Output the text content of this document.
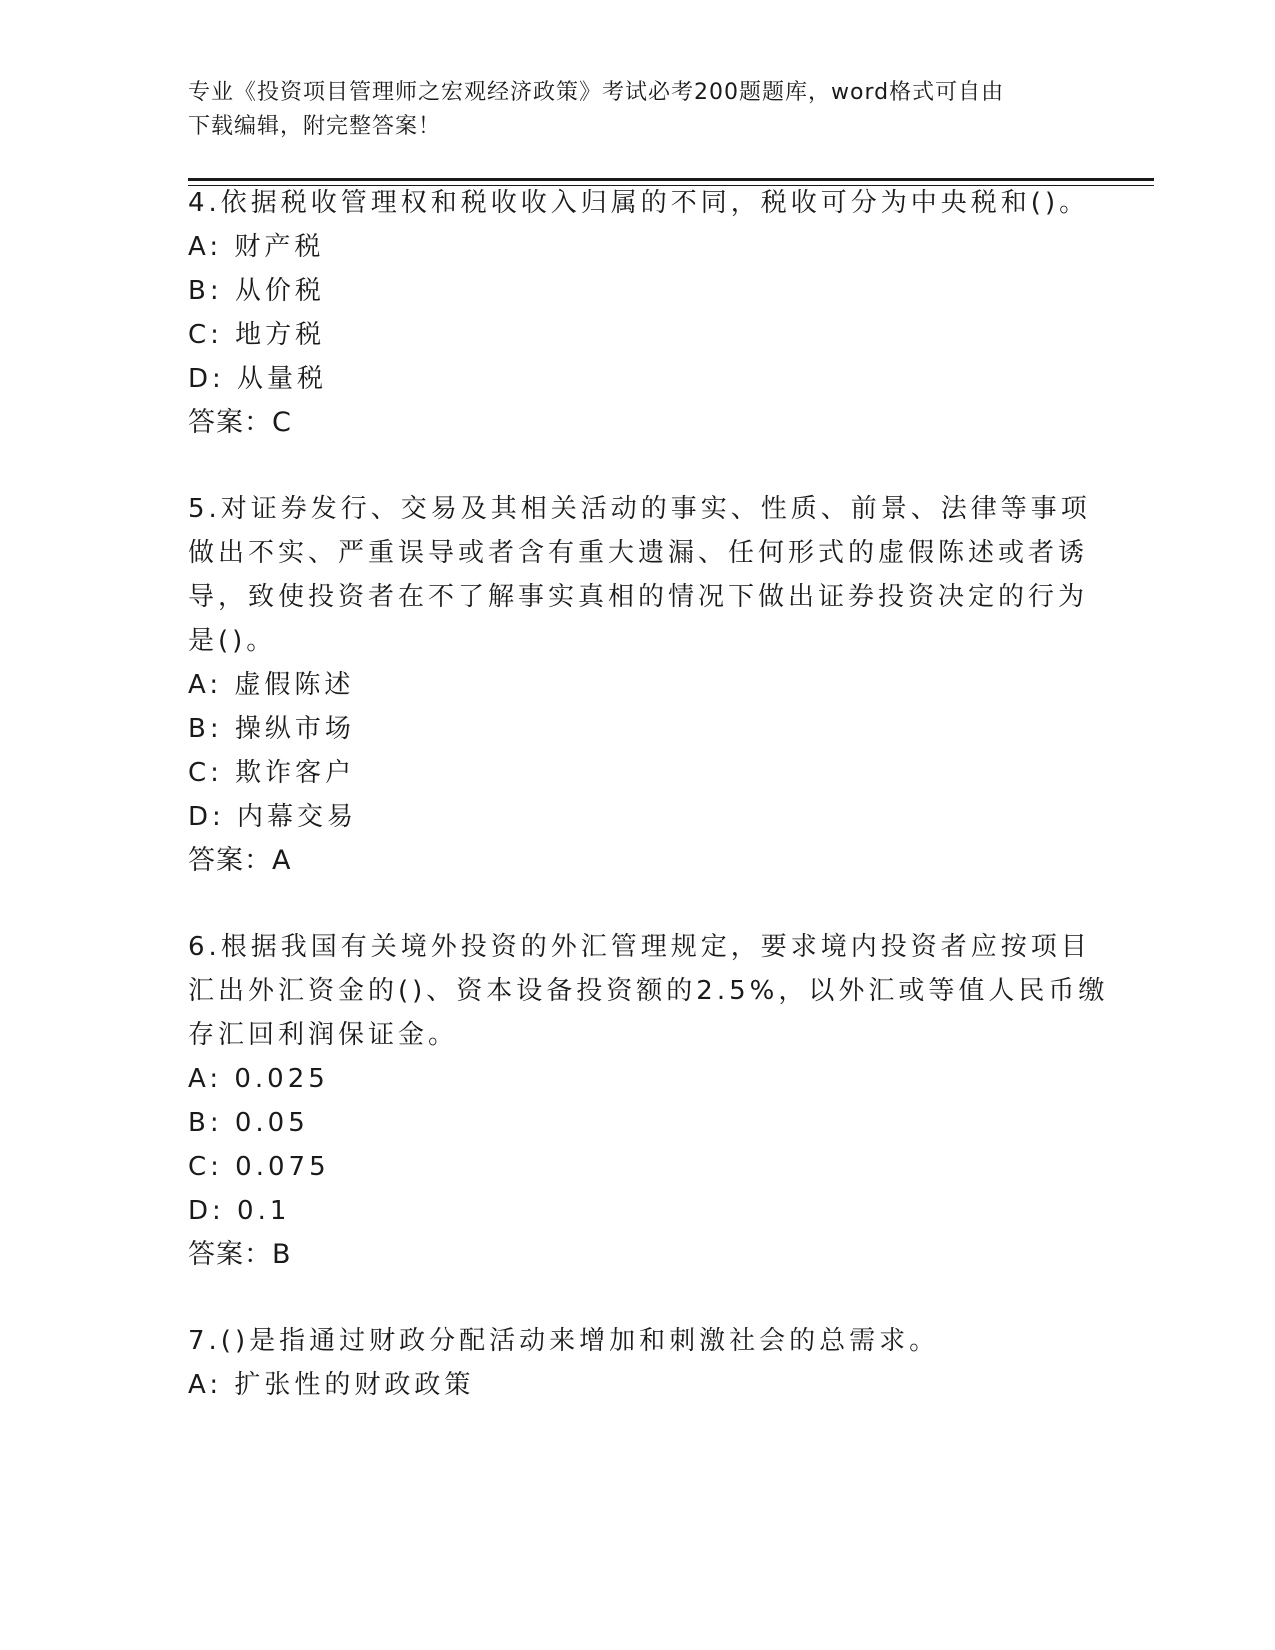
专业《投资项目管理师之宏观经济政策》考试必考200题题库，word格式可自由
下载编辑，附完整答案！
4.依据税收管理权和税收收入归属的不同，税收可分为中央税和()。
A: 财产税
B: 从价税
C: 地方税
D: 从量税
答案：C
5.对证券发行、交易及其相关活动的事实、性质、前景、法律等事项
做出不实、严重误导或者含有重大遗漏、任何形式的虚假陈述或者诱
导，致使投资者在不了解事实真相的情况下做出证券投资决定的行为
是()。
A: 虚假陈述
B: 操纵市场
C: 欺诈客户
D: 内幕交易
答案：A
6.根据我国有关境外投资的外汇管理规定，要求境内投资者应按项目
汇出外汇资金的()、资本设备投资额的2.5%，以外汇或等值人民币缴
存汇回利润保证金。
A: 0.025
B: 0.05
C: 0.075
D: 0.1
答案：B
7.()是指通过财政分配活动来增加和刺激社会的总需求。
A: 扩张性的财政政策
